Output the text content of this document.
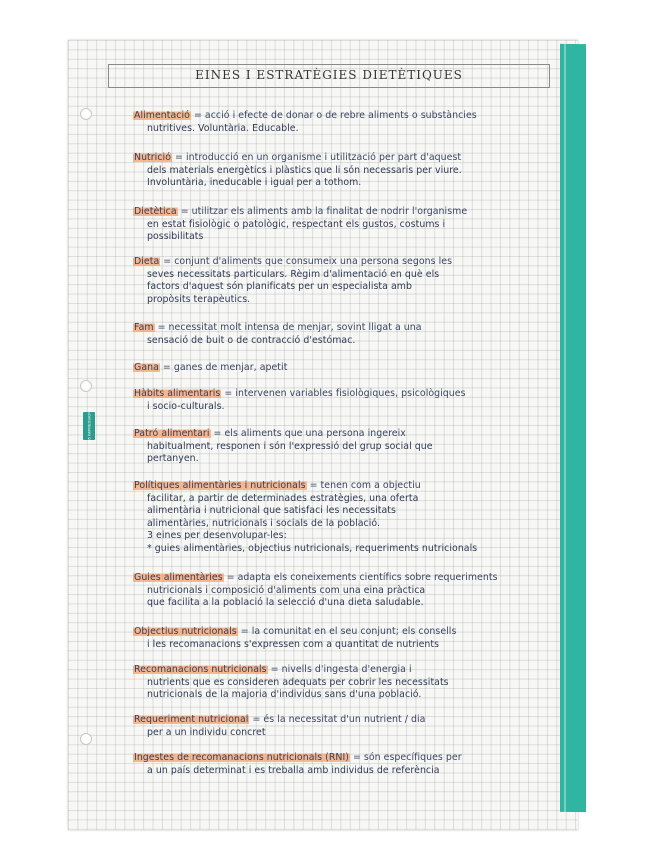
365 IMPRESSIONS
EINES I ESTRATÈGIES DIETÈTIQUES
Alimentació = acció i efecte de donar o de rebre aliments o substàncies
nutritives. Voluntària. Educable.
Nutrició = introducció en un organisme i utilització per part d'aquest
dels materials energètics i plàstics que li són necessaris per viure.
Involuntària, ineducable i igual per a tothom.
Dietètica = utilitzar els aliments amb la finalitat de nodrir l'organisme
en estat fisiològic o patològic, respectant els gustos, costums i
possibilitats
Dieta = conjunt d'aliments que consumeix una persona segons les
seves necessitats particulars. Règim d'alimentació en què els
factors d'aquest són planificats per un especialista amb
propòsits terapèutics.
Fam = necessitat molt intensa de menjar, sovint lligat a una
sensació de buit o de contracció d'estómac.
Gana = ganes de menjar, apetit
Hàbits alimentaris = intervenen variables fisiològiques, psicològiques
i socio-culturals.
Patró alimentari = els aliments que una persona ingereix
habitualment, responen i són l'expressió del grup social que
pertanyen.
Polítiques alimentàries i nutricionals = tenen com a objectiu
facilitar, a partir de determinades estratègies, una oferta
alimentària i nutricional que satisfaci les necessitats
alimentàries, nutricionals i socials de la població.
3 eines per desenvolupar-les:
* guies alimentàries, objectius nutricionals, requeriments nutricionals
Guies alimentàries = adapta els coneixements científics sobre requeriments
nutricionals i composició d'aliments com una eina pràctica
que facilita a la població la selecció d'una dieta saludable.
Objectius nutricionals = la comunitat en el seu conjunt; els consells
i les recomanacions s'expressen com a quantitat de nutrients
Recomanacions nutricionals = nivells d'ingesta d'energia i
nutrients que es consideren adequats per cobrir les necessitats
nutricionals de la majoria d'individus sans d'una població.
Requeriment nutricional = és la necessitat d'un nutrient / dia
per a un individu concret
Ingestes de recomanacions nutricionals (RNI) = són específiques per
a un país determinat i es treballa amb individus de referència
